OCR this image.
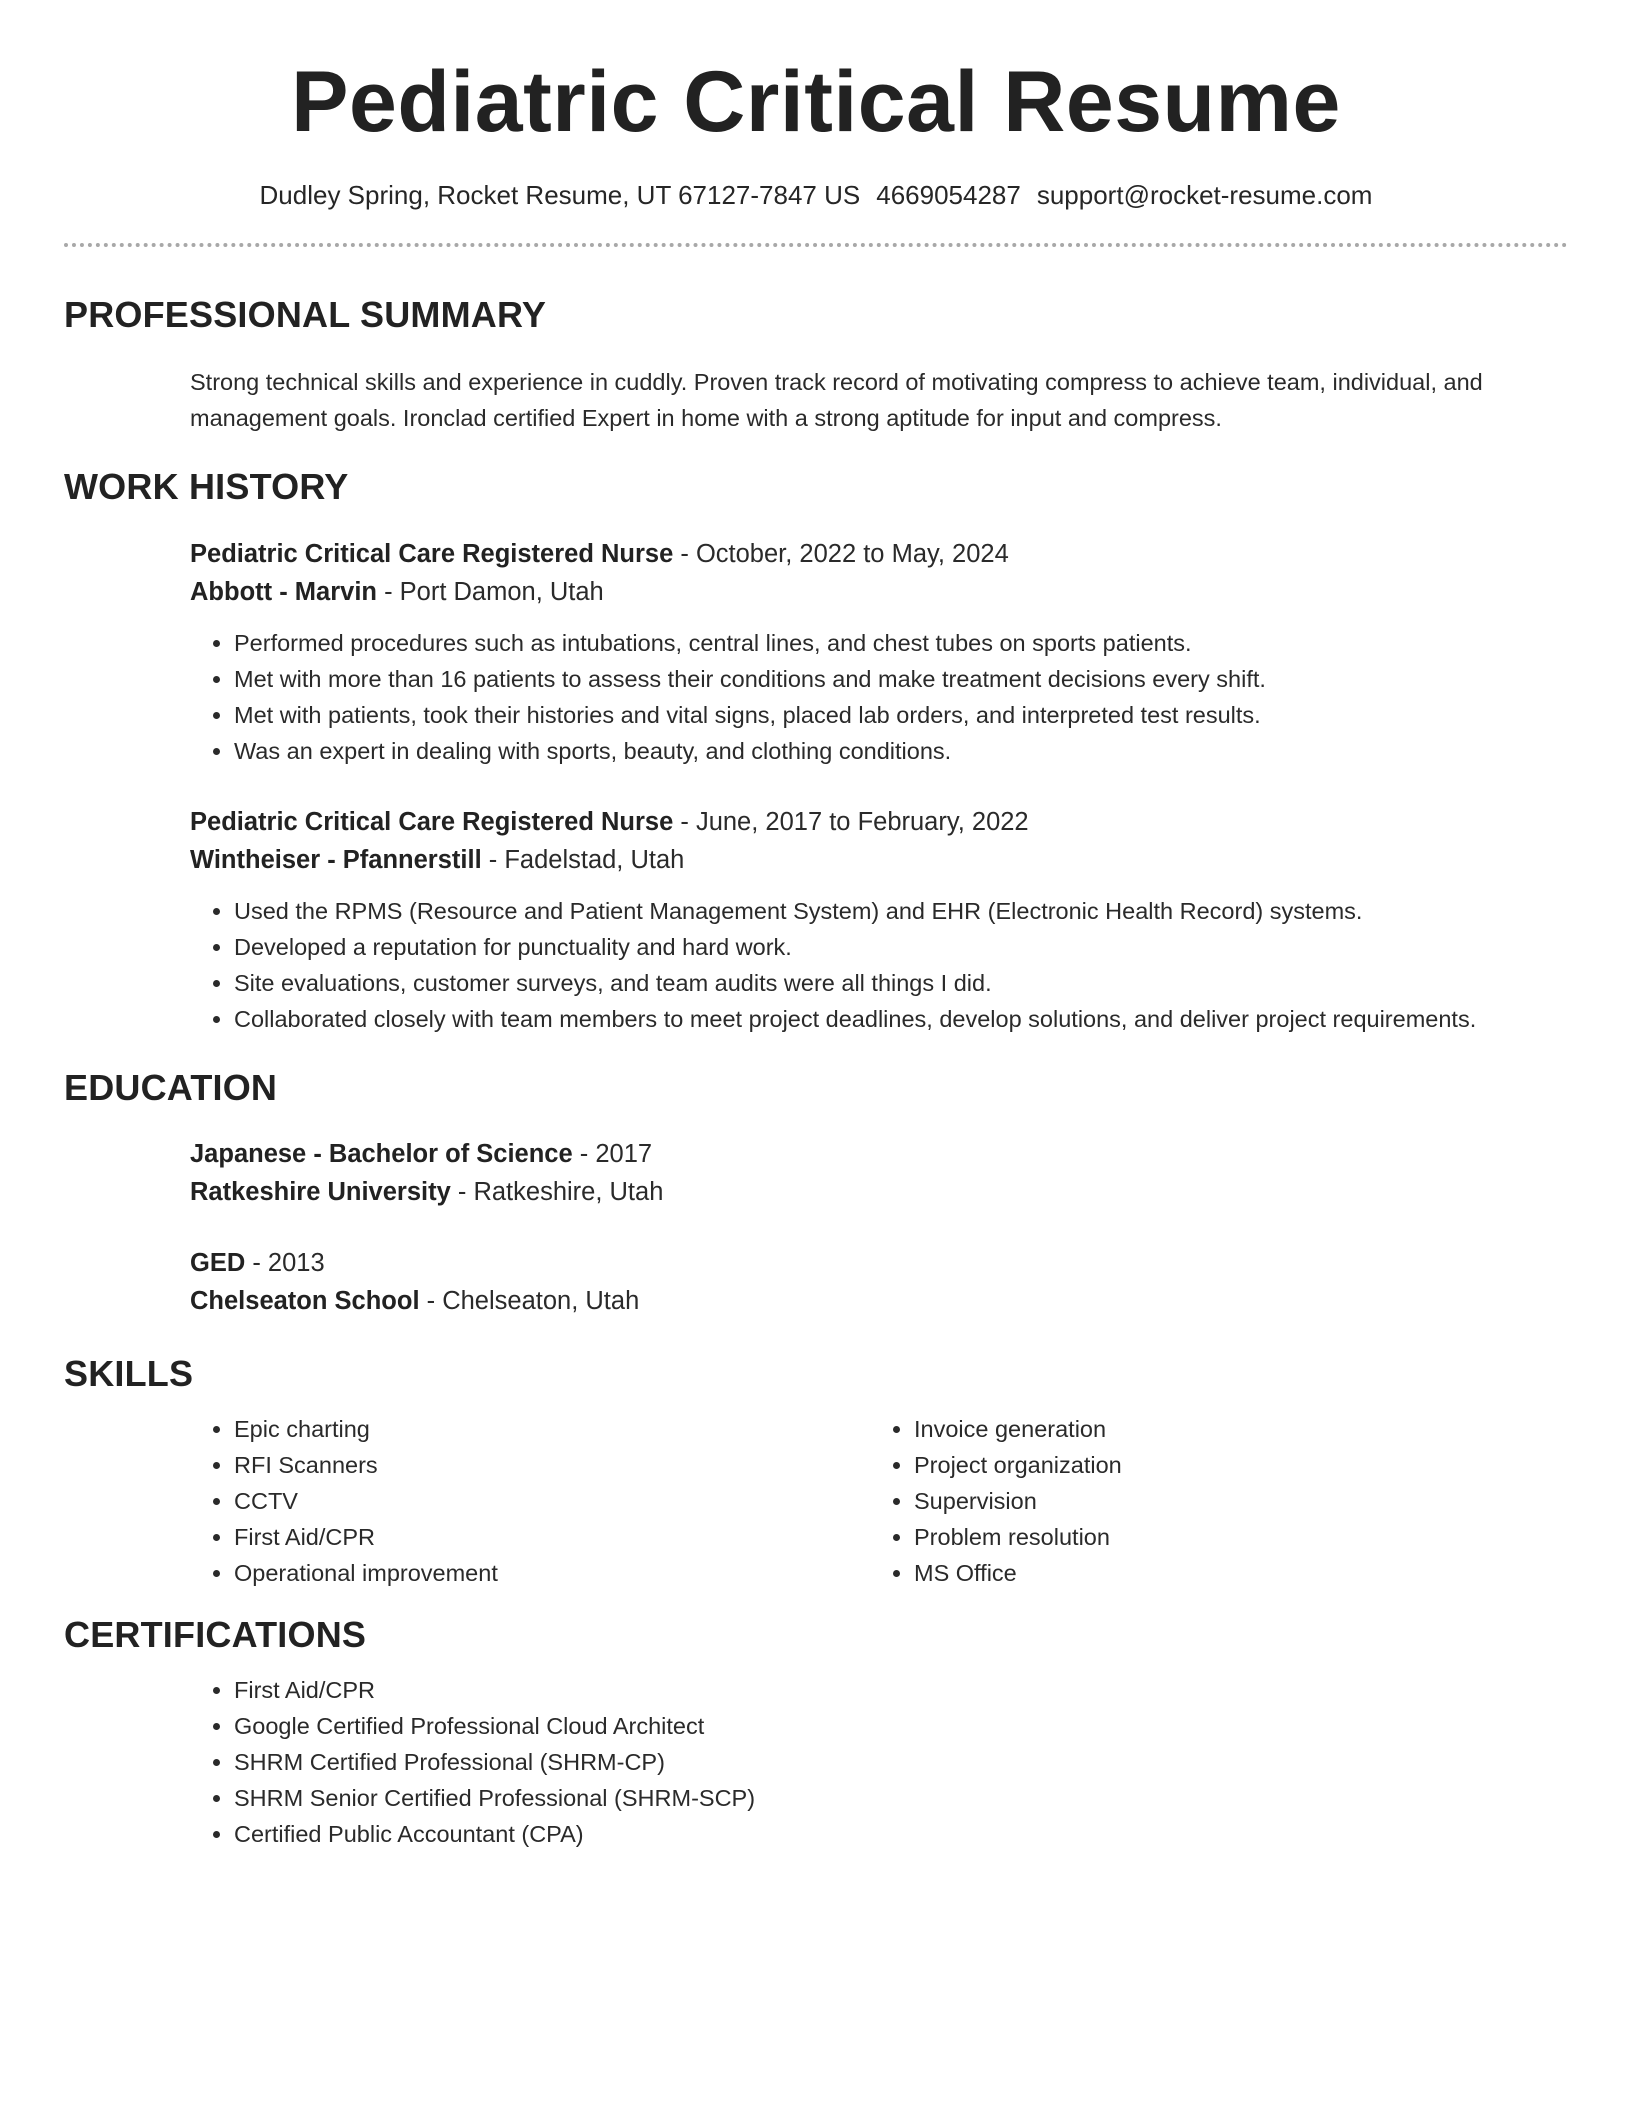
Pediatric Critical Resume
Dudley Spring, Rocket Resume, UT 67127-7847 US 4669054287 support@rocket-resume.com
PROFESSIONAL SUMMARY

Strong technical skills and experience in cuddly. Proven track record of motivating compress to achieve team, individual, and management goals. Ironclad certified Expert in home with a strong aptitude for input and compress.

WORK HISTORY
Pediatric Critical Care Registered Nurse - October, 2022 to May, 2024
Abbott - Marvin - Port Damon, Utah
• Performed procedures such as intubations, central lines, and chest tubes on sports patients.
• Met with more than 16 patients to assess their conditions and make treatment decisions every shift.
• Met with patients, took their histories and vital signs, placed lab orders, and interpreted test results.
• Was an expert in dealing with sports, beauty, and clothing conditions.
Pediatric Critical Care Registered Nurse - June, 2017 to February, 2022
Wintheiser - Pfannerstill - Fadelstad, Utah
• Used the RPMS (Resource and Patient Management System) and EHR (Electronic Health Record) systems.
• Developed a reputation for punctuality and hard work.
• Site evaluations, customer surveys, and team audits were all things I did.
• Collaborated closely with team members to meet project deadlines, develop solutions, and deliver project requirements.
EDUCATION
Japanese - Bachelor of Science - 2017
Ratkeshire University - Ratkeshire, Utah
GED - 2013
Chelseaton School - Chelseaton, Utah
SKILLS
• Epic charting
• RFI Scanners
• CCTV
• First Aid/CPR
• Operational improvement
• Invoice generation
• Project organization
• Supervision
• Problem resolution
• MS Office
CERTIFICATIONS
• First Aid/CPR
• Google Certified Professional Cloud Architect
• SHRM Certified Professional (SHRM-CP)
• SHRM Senior Certified Professional (SHRM-SCP)
• Certified Public Accountant (CPA)
